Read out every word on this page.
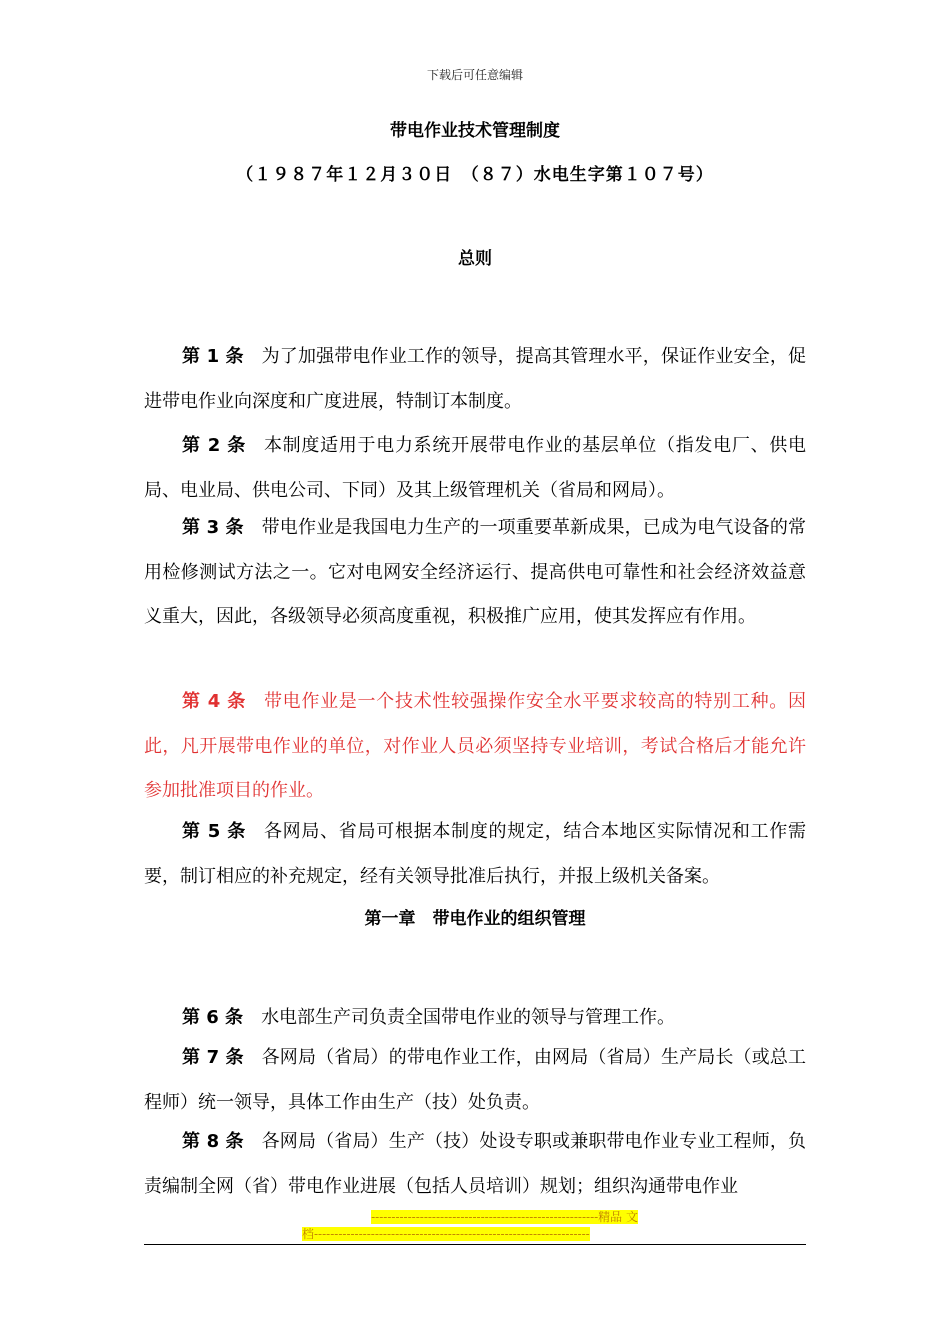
下载后可任意编辑
带电作业技术管理制度
（１９８７年１２月３０日　（８７）水电生字第１０７号）
总则
第 1 条 为了加强带电作业工作的领导，提高其管理水平，保证作业安全，促进带电作业向深度和广度进展，特制订本制度。
第 2 条 本制度适用于电力系统开展带电作业的基层单位（指发电厂、供电局、电业局、供电公司、下同）及其上级管理机关（省局和网局）。
第 3 条 带电作业是我国电力生产的一项重要革新成果，已成为电气设备的常用检修测试方法之一。它对电网安全经济运行、提高供电可靠性和社会经济效益意义重大，因此，各级领导必须高度重视，积极推广应用，使其发挥应有作用。
第 4 条 带电作业是一个技术性较强操作安全水平要求较高的特别工种。因此，凡开展带电作业的单位，对作业人员必须坚持专业培训，考试合格后才能允许参加批准项目的作业。
第 5 条 各网局、省局可根据本制度的规定，结合本地区实际情况和工作需要，制订相应的补充规定，经有关领导批准后执行，并报上级机关备案。
第一章　带电作业的组织管理
第 6 条 水电部生产司负责全国带电作业的领导与管理工作。
第 7 条 各网局（省局）的带电作业工作，由网局（省局）生产局长（或总工程师）统一领导，具体工作由生产（技）处负责。
第 8 条 各网局（省局）生产（技）处设专职或兼职带电作业专业工程师，负责编制全网（省）带电作业进展（包括人员培训）规划；组织沟通带电作业
--------------------------------------------------------精品 文
档--------------------------------------------------------------------
